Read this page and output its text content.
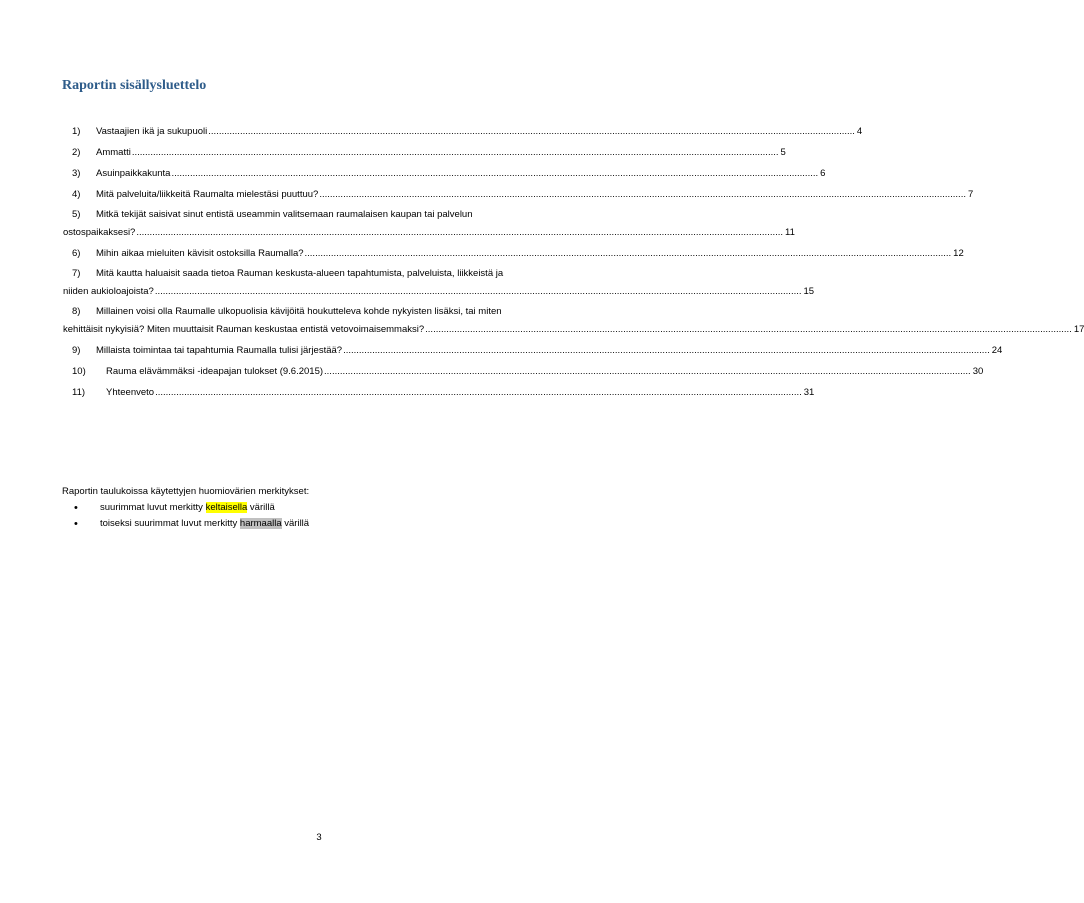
Raportin sisällysluettelo
1)	Vastaajien ikä ja sukupuoli .....	4
2)	Ammatti .....	5
3)	Asuinpaikkakunta .....	6
4)	Mitä palveluita/liikkeitä Raumalta mielestäsi puuttuu? .....	7
5)	Mitkä tekijät saisivat sinut entistä useammin valitsemaan raumalaisen kaupan tai palvelun
ostospaikaksesi? .....	11
6)	Mihin aikaa mieluiten kävisit ostoksilla Raumalla? .....	12
7)	Mitä kautta haluaisit saada tietoa Rauman keskusta-alueen tapahtumista, palveluista, liikkeistä ja
niiden aukioloajoista? .....	15
8)	Millainen voisi olla Raumalle ulkopuolisia kävijöitä houkutteleva kohde nykyisten lisäksi, tai miten
kehittäisit nykyisiä? Miten muuttaisit Rauman keskustaa entistä vetovoimaisemmaksi? .....	17
9)	Millaista toimintaa tai tapahtumia Raumalla tulisi järjestää? .....	24
10)	Rauma elävämmäksi -ideapajan tulokset (9.6.2015) .....	30
11)	Yhteenveto .....	31
Raportin taulukoissa käytettyjen huomiovärien merkitykset:
• suurimmat luvut merkitty keltaisella värillä
• toiseksi suurimmat luvut merkitty harmaalla värillä
3
